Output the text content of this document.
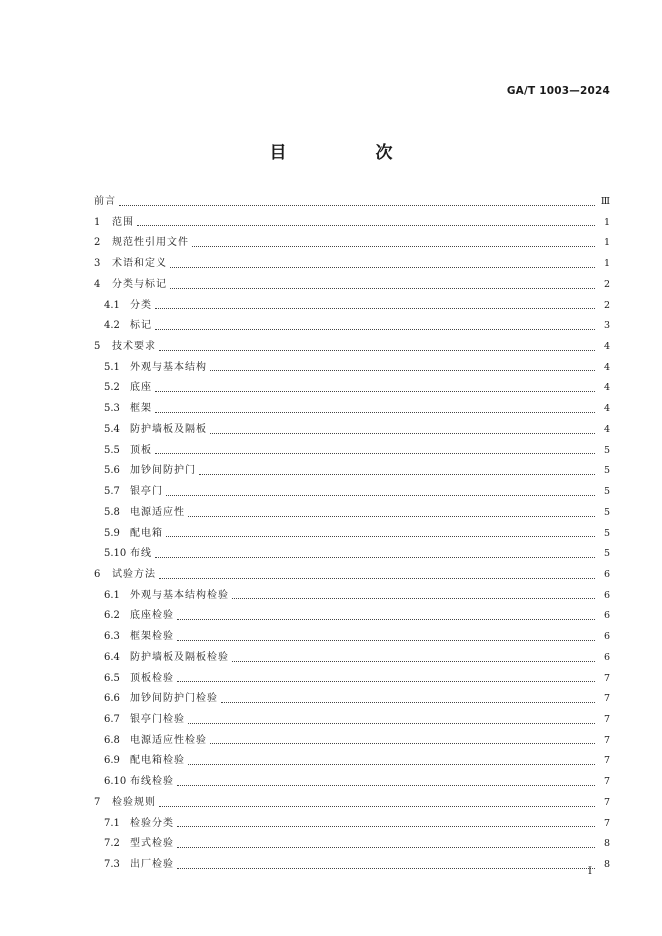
GA/T 1003—2024
目　次
前言	Ⅲ
1	范围	1
2	规范性引用文件	1
3	术语和定义	1
4	分类与标记	2
4.1	分类	2
4.2	标记	3
5	技术要求	4
5.1	外观与基本结构	4
5.2	底座	4
5.3	框架	4
5.4	防护墙板及隔板	4
5.5	顶板	5
5.6	加钞间防护门	5
5.7	银亭门	5
5.8	电源适应性	5
5.9	配电箱	5
5.10 布线	5
6	试验方法	6
6.1	外观与基本结构检验	6
6.2	底座检验	6
6.3	框架检验	6
6.4	防护墙板及隔板检验	6
6.5	顶板检验	7
6.6	加钞间防护门检验	7
6.7	银亭门检验	7
6.8	电源适应性检验	7
6.9	配电箱检验	7
6.10 布线检验	7
7	检验规则	7
7.1	检验分类	7
7.2	型式检验	8
7.3	出厂检验	8
I
